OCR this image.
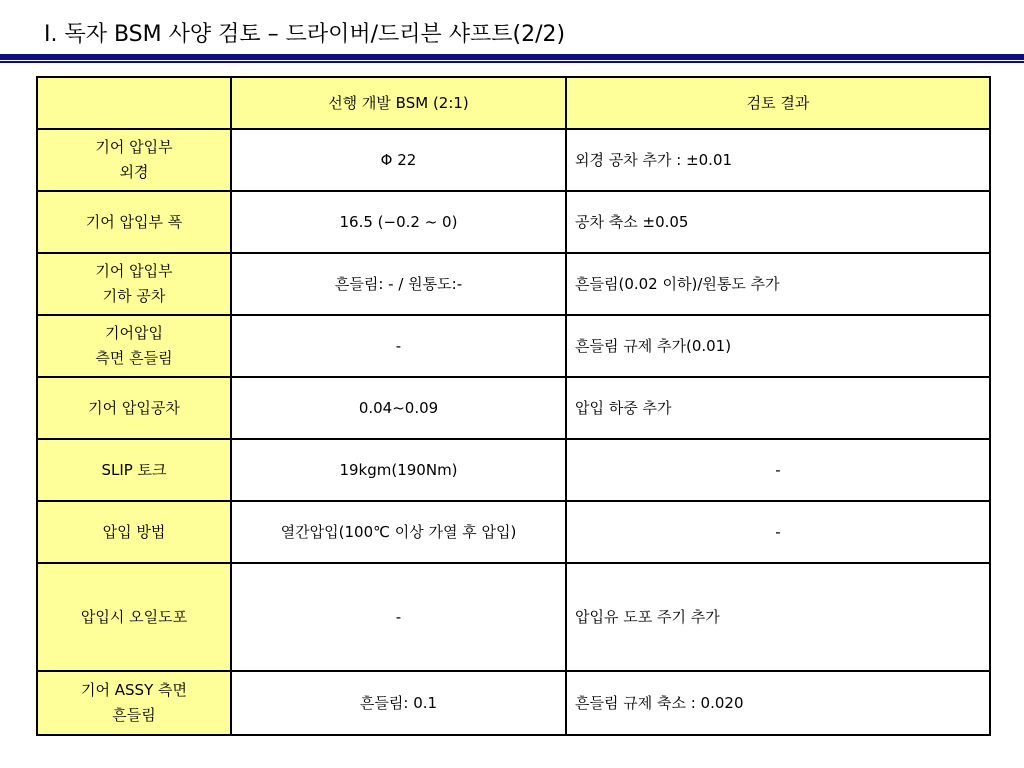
Ⅰ. 독자 BSM 사양 검토 – 드라이버/드리븐 샤프트(2/2)
	선행 개발 BSM (2:1)	검토 결과

기어 압입부
외경	Φ 22	외경 공차 추가 : ±0.01

기어 압입부 폭	16.5 (−0.2 ~ 0)	공차 축소 ±0.05

기어 압입부
기하 공차	흔들림: - / 원통도:-	흔들림(0.02 이하)/원통도 추가

기어압입
측면 흔들림	-	흔들림 규제 추가(0.01)

기어 압입공차	0.04~0.09	압입 하중 추가

SLIP 토크	19kgm(190Nm)	-

압입 방법	열간압입(100℃ 이상 가열 후 압입)	-

압입시 오일도포	-	압입유 도포 주기 추가

기어 ASSY 측면
흔들림	흔들림: 0.1	흔들림 규제 축소 : 0.020
